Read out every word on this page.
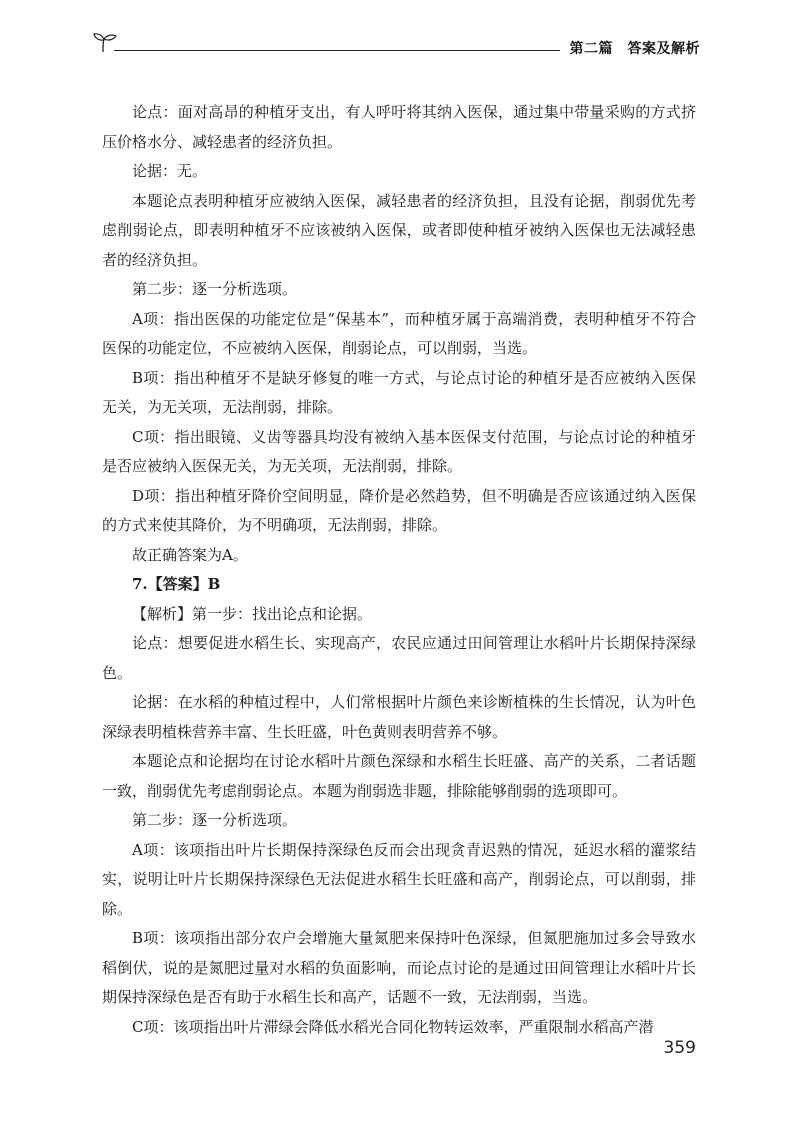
第二篇　答案及解析

论点：面对高昂的种植牙支出，有人呼吁将其纳入医保，通过集中带量采购的方式挤压价格水分、减轻患者的经济负担。

论据：无。

本题论点表明种植牙应被纳入医保，减轻患者的经济负担，且没有论据，削弱优先考虑削弱论点，即表明种植牙不应该被纳入医保，或者即使种植牙被纳入医保也无法减轻患者的经济负担。

第二步：逐一分析选项。

A项：指出医保的功能定位是“保基本”，而种植牙属于高端消费，表明种植牙不符合医保的功能定位，不应被纳入医保，削弱论点，可以削弱，当选。

B项：指出种植牙不是缺牙修复的唯一方式，与论点讨论的种植牙是否应被纳入医保无关，为无关项，无法削弱，排除。

C项：指出眼镜、义齿等器具均没有被纳入基本医保支付范围，与论点讨论的种植牙是否应被纳入医保无关，为无关项，无法削弱，排除。

D项：指出种植牙降价空间明显，降价是必然趋势，但不明确是否应该通过纳入医保的方式来使其降价，为不明确项，无法削弱，排除。

故正确答案为A。

7.【答案】B

【解析】第一步：找出论点和论据。

论点：想要促进水稻生长、实现高产，农民应通过田间管理让水稻叶片长期保持深绿色。

论据：在水稻的种植过程中，人们常根据叶片颜色来诊断植株的生长情况，认为叶色深绿表明植株营养丰富、生长旺盛，叶色黄则表明营养不够。

本题论点和论据均在讨论水稻叶片颜色深绿和水稻生长旺盛、高产的关系，二者话题一致，削弱优先考虑削弱论点。本题为削弱选非题，排除能够削弱的选项即可。

第二步：逐一分析选项。

A项：该项指出叶片长期保持深绿色反而会出现贪青迟熟的情况，延迟水稻的灌浆结实，说明让叶片长期保持深绿色无法促进水稻生长旺盛和高产，削弱论点，可以削弱，排除。

B项：该项指出部分农户会增施大量氮肥来保持叶色深绿，但氮肥施加过多会导致水稻倒伏，说的是氮肥过量对水稻的负面影响，而论点讨论的是通过田间管理让水稻叶片长期保持深绿色是否有助于水稻生长和高产，话题不一致，无法削弱，当选。

C项：该项指出叶片滞绿会降低水稻光合同化物转运效率，严重限制水稻高产潜

359
